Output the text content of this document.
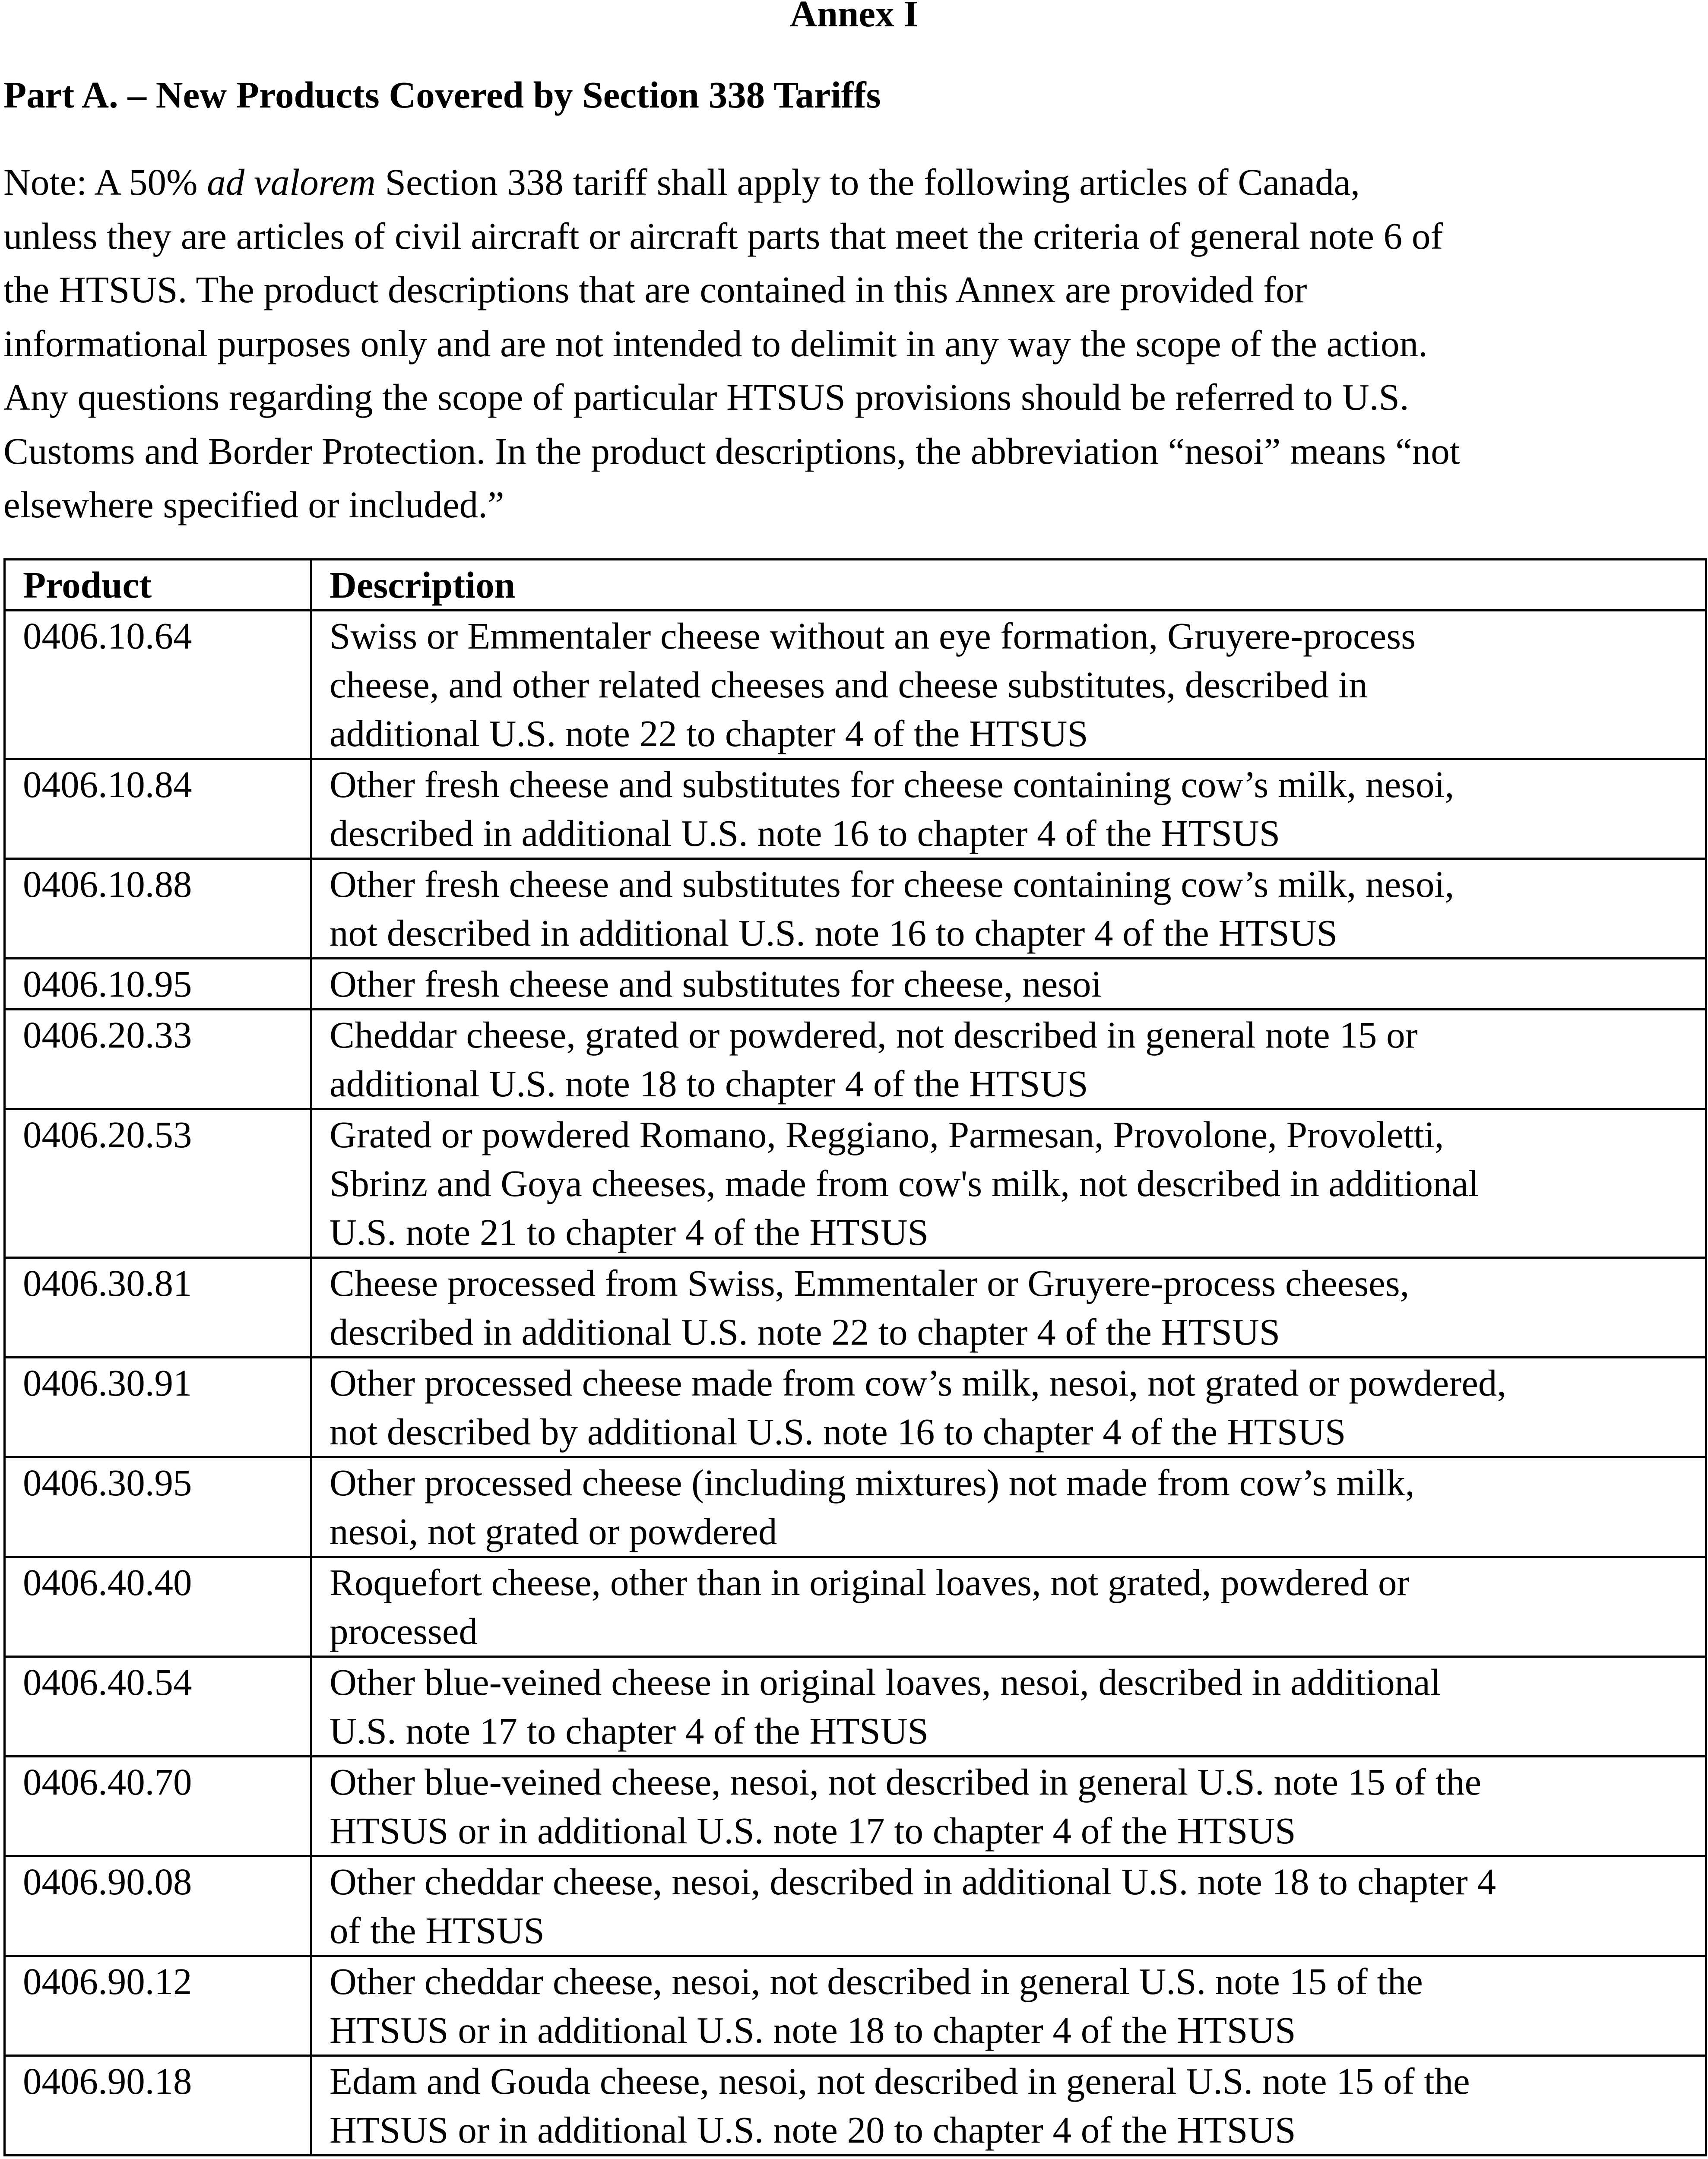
Annex I
Part A. – New Products Covered by Section 338 Tariffs

Note: A 50% ad valorem Section 338 tariff shall apply to the following articles of Canada,
unless they are articles of civil aircraft or aircraft parts that meet the criteria of general note 6 of
the HTSUS. The product descriptions that are contained in this Annex are provided for
informational purposes only and are not intended to delimit in any way the scope of the action.
Any questions regarding the scope of particular HTSUS provisions should be referred to U.S.
Customs and Border Protection. In the product descriptions, the abbreviation “nesoi” means “not
elsewhere specified or included.”

Product	Description
0406.10.64	Swiss or Emmentaler cheese without an eye formation, Gruyere-process
cheese, and other related cheeses and cheese substitutes, described in
additional U.S. note 22 to chapter 4 of the HTSUS

0406.10.84	Other fresh cheese and substitutes for cheese containing cow’s milk, nesoi,
described in additional U.S. note 16 to chapter 4 of the HTSUS

0406.10.88	Other fresh cheese and substitutes for cheese containing cow’s milk, nesoi,
not described in additional U.S. note 16 to chapter 4 of the HTSUS

0406.10.95	Other fresh cheese and substitutes for cheese, nesoi

0406.20.33	Cheddar cheese, grated or powdered, not described in general note 15 or
additional U.S. note 18 to chapter 4 of the HTSUS

0406.20.53	Grated or powdered Romano, Reggiano, Parmesan, Provolone, Provoletti,
Sbrinz and Goya cheeses, made from cow's milk, not described in additional
U.S. note 21 to chapter 4 of the HTSUS

0406.30.81	Cheese processed from Swiss, Emmentaler or Gruyere-process cheeses,
described in additional U.S. note 22 to chapter 4 of the HTSUS

0406.30.91	Other processed cheese made from cow’s milk, nesoi, not grated or powdered,
not described by additional U.S. note 16 to chapter 4 of the HTSUS

0406.30.95	Other processed cheese (including mixtures) not made from cow’s milk,
nesoi, not grated or powdered

0406.40.40	Roquefort cheese, other than in original loaves, not grated, powdered or
processed

0406.40.54	Other blue-veined cheese in original loaves, nesoi, described in additional
U.S. note 17 to chapter 4 of the HTSUS

0406.40.70	Other blue-veined cheese, nesoi, not described in general U.S. note 15 of the
HTSUS or in additional U.S. note 17 to chapter 4 of the HTSUS

0406.90.08	Other cheddar cheese, nesoi, described in additional U.S. note 18 to chapter 4
of the HTSUS

0406.90.12	Other cheddar cheese, nesoi, not described in general U.S. note 15 of the
HTSUS or in additional U.S. note 18 to chapter 4 of the HTSUS

0406.90.18	Edam and Gouda cheese, nesoi, not described in general U.S. note 15 of the
HTSUS or in additional U.S. note 20 to chapter 4 of the HTSUS
